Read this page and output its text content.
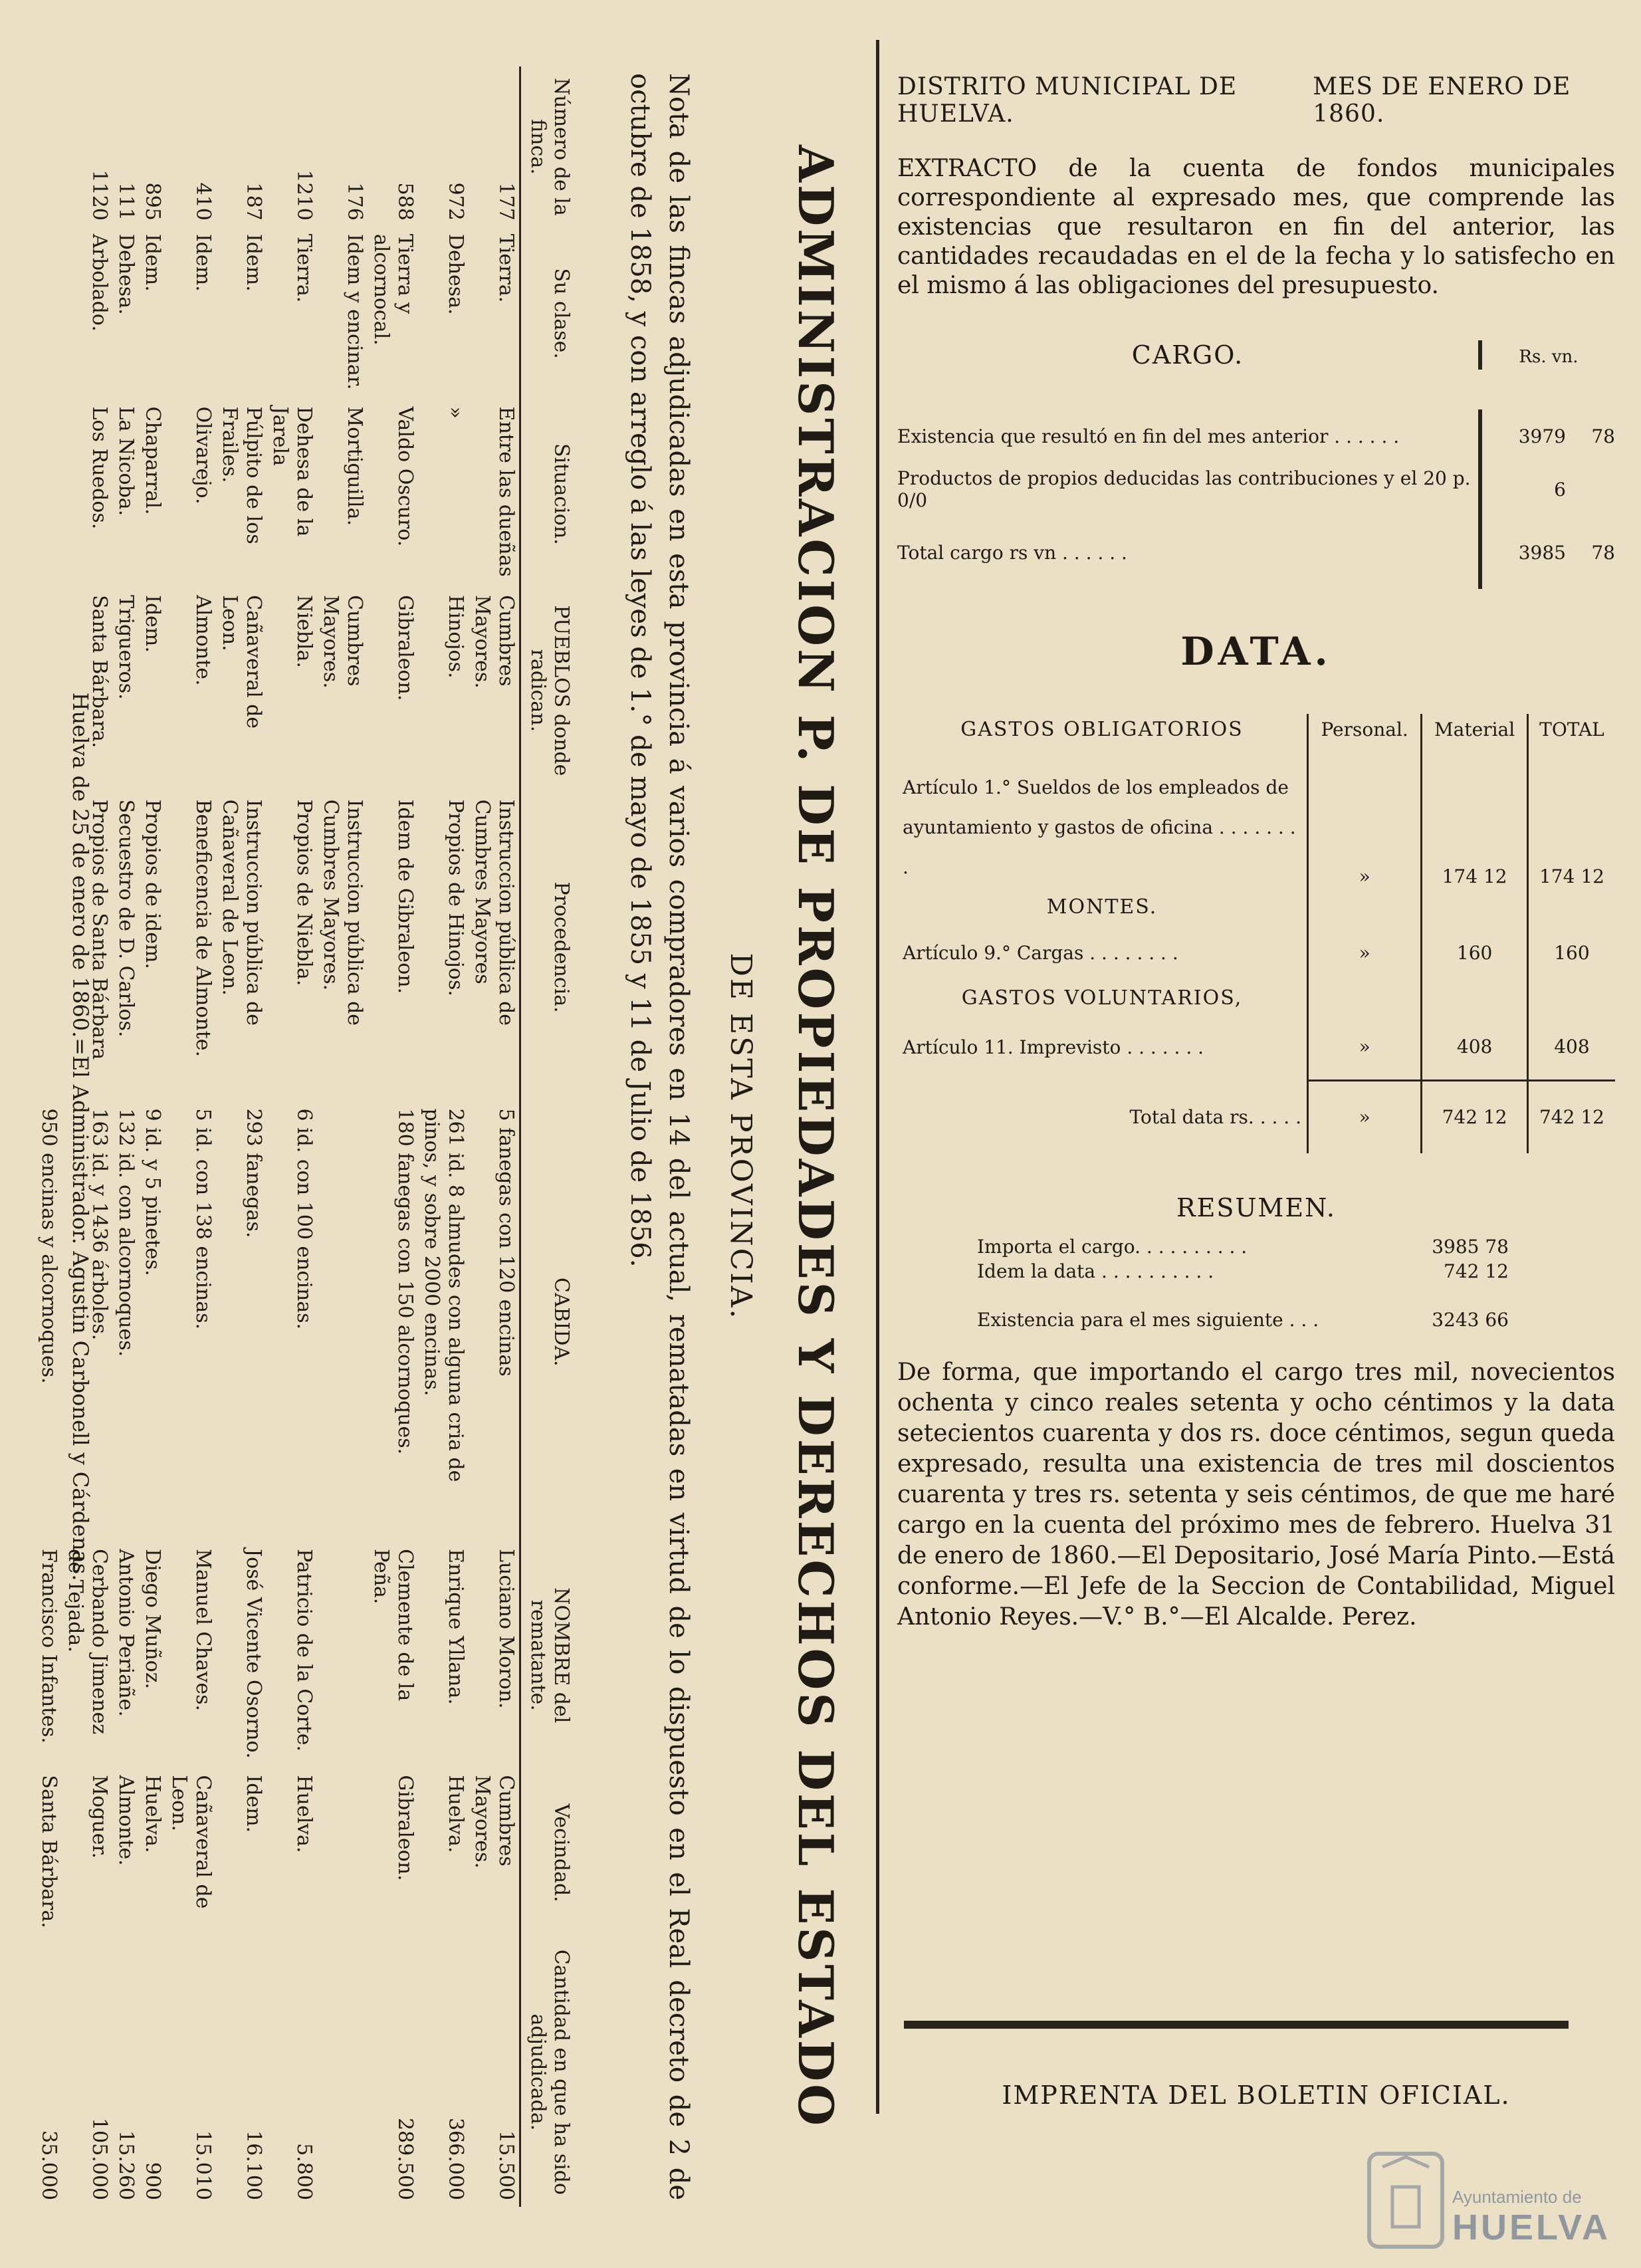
ADMINISTRACION P. DE PROPIEDADES Y DERECHOS DEL ESTADO
DE ESTA PROVINCIA.
Nota de las fincas adjudicadas en esta provincia á varios compradores en 14 del actual, rematadas en virtud de lo dispuesto en el Real decreto de 2 de octubre de 1858, y con arreglo á las leyes de 1.° de mayo de 1855 y 11 de Julio de 1856.
Número de la finca.	Su clase.	Situacion.	PUEBLOS donde radican.	Procedencia.	CABIDA.	NOMBRE del rematante.	Vecindad.	Cantidad en que ha sido adjudicada.
177	Tierra.	Entre las dueñas	Cumbres Mayores.	Instruccion pública de Cumbres Mayores	5 fanegas con 120 encinas	Luciano Moron.	Cumbres Mayores.	15.500
972	Dehesa.	»	Hinojos.	Propios de Hinojos.	261 id. 8 almudes con alguna cria de pinos, y sobre 2000 encinas.	Enrique Yllana.	Huelva.	366.000
588	Tierra y alcornocal.	Valdo Oscuro.	Gibraleon.	Idem de Gibraleon.	180 fanegas con 150 alcornoques.	Clemente de la Peña.	Gibraleon.	289.500
176	Idem y encinar.	Mortiguilla.	Cumbres Mayores.	Instruccion pública de Cumbres Mayores.				
1210	Tierra.	Dehesa de la Jarela	Niebla.	Propios de Niebla.	6 id. con 100 encinas.	Patricio de la Corte.	Huelva.	5.800
187	Idem.	Púlpito de los Frailes.	Cañaveral de Leon.	Instruccion pública de Cañaveral de Leon.	293 fanegas.	José Vicente Osorno.	Idem.	16.100
410	Idem.	Olivarejo.	Almonte.	Beneficencia de Almonte.	5 id. con 138 encinas.	Manuel Chaves.	Cañaveral de Leon.	15.010
895	Idem.	Chaparral.	Idem.	Propios de idem.	9 id. y 5 pinetes.	Diego Muñoz.	Huelva.	900
111	Dehesa.	La Nicoba.	Trigueros.	Secuestro de D. Carlos.	132 id. con alcornoques.	Antonio Periañe.	Almonte.	15.260
1120	Arbolado.	Los Ruedos.	Santa Bárbara.	Propios de Santa Bárbara	163 id. y 1436 árboles.	Cerbando Jimenez de Tejada.	Moguer.	105.000
					950 encinas y alcornoques.	Francisco Infantes.	Santa Bárbara.	35.000
Huelva de 25 de enero de 1860.=El Administrador. Agustin Carbonell y Cárdenas.
DISTRITO MUNICIPAL DE HUELVA.
MES DE ENERO DE 1860.
EXTRACTO de la cuenta de fondos municipales correspondiente al expresado mes, que comprende las existencias que resultaron en fin del anterior, las cantidades recaudadas en el de la fecha y lo satisfecho en el mismo á las obligaciones del presupuesto.
CARGO.	Rs. vn.
Existencia que resultó en fin del mes anterior . . . . . .	3979	78
Productos de propios deducidas las contribuciones y el 20 p. 0/0	6
Total cargo rs vn . . . . . .	3985	78
DATA.
GASTOS OBLIGATORIOS	Personal.	Material	TOTAL
Artículo 1.° Sueldos de los empleados de ayuntamiento y gastos de oficina . . . . . . . .	»	174 12	174 12
MONTES.			
Artículo 9.° Cargas . . . . . . . .	»	160	160
GASTOS VOLUNTARIOS,			
Artículo 11. Imprevisto . . . . . . .	»	408	408
Total data rs. . . . .	»	742 12	742 12
RESUMEN.
Importa el cargo. . . . . . . . . .	3985 78
Idem la data . . . . . . . . . .	742 12
Existencia para el mes siguiente . . .	3243 66
De forma, que importando el cargo tres mil, novecientos ochenta y cinco reales setenta y ocho céntimos y la data setecientos cuarenta y dos rs. doce céntimos, segun queda expresado, resulta una existencia de tres mil doscientos cuarenta y tres rs. setenta y seis céntimos, de que me haré cargo en la cuenta del próximo mes de febrero. Huelva 31 de enero de 1860.—El Depositario, José María Pinto.—Está conforme.—El Jefe de la Seccion de Contabilidad, Miguel Antonio Reyes.—V.° B.°—El Alcalde. Perez.
IMPRENTA DEL BOLETIN OFICIAL.
Ayuntamiento de
HUELVA
